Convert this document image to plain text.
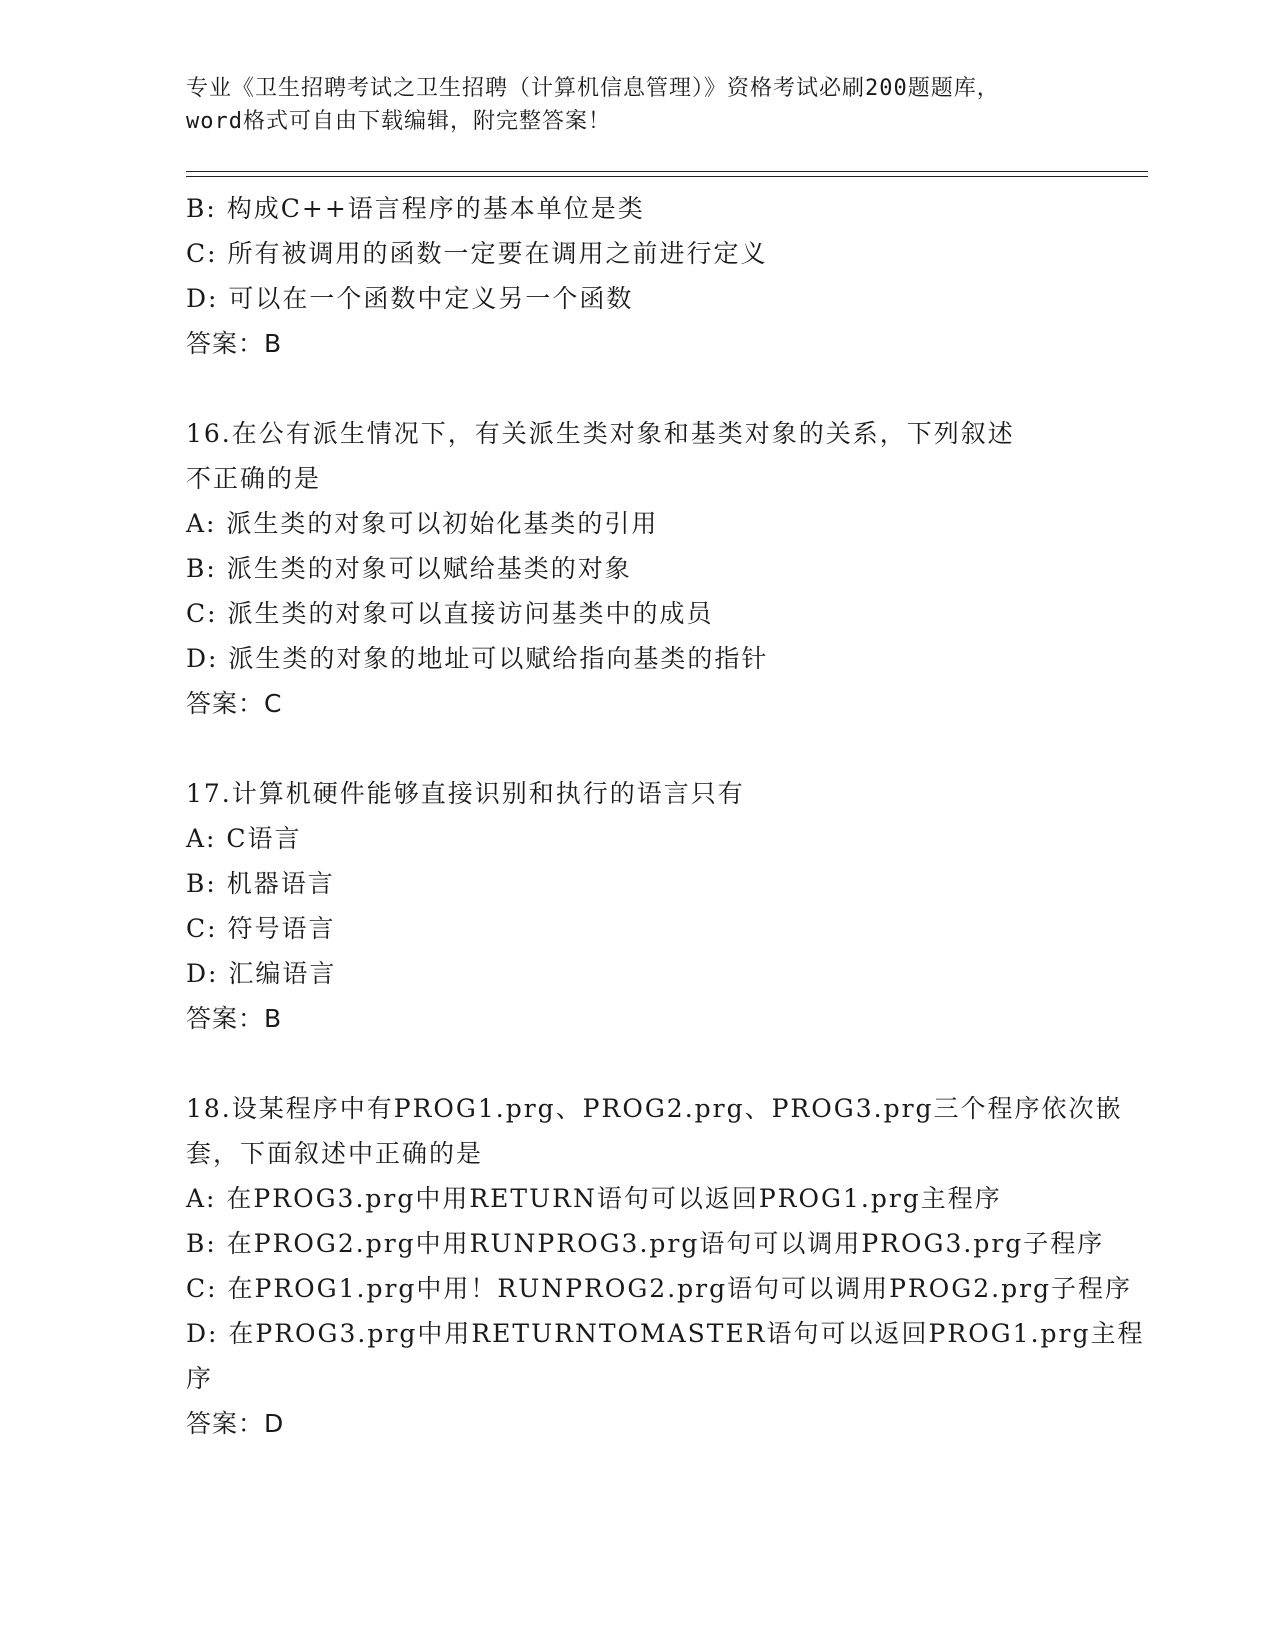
专业《卫生招聘考试之卫生招聘（计算机信息管理）》资格考试必刷200题题库，
word格式可自由下载编辑，附完整答案！
B: 构成C++语言程序的基本单位是类
C: 所有被调用的函数一定要在调用之前进行定义
D: 可以在一个函数中定义另一个函数
答案：B
16.在公有派生情况下，有关派生类对象和基类对象的关系，下列叙述
不正确的是
A: 派生类的对象可以初始化基类的引用
B: 派生类的对象可以赋给基类的对象
C: 派生类的对象可以直接访问基类中的成员
D: 派生类的对象的地址可以赋给指向基类的指针
答案：C
17.计算机硬件能够直接识别和执行的语言只有
A: C语言
B: 机器语言
C: 符号语言
D: 汇编语言
答案：B
18.设某程序中有PROG1.prg、PROG2.prg、PROG3.prg三个程序依次嵌
套，下面叙述中正确的是
A: 在PROG3.prg中用RETURN语句可以返回PROG1.prg主程序
B: 在PROG2.prg中用RUNPROG3.prg语句可以调用PROG3.prg子程序
C: 在PROG1.prg中用！RUNPROG2.prg语句可以调用PROG2.prg子程序
D: 在PROG3.prg中用RETURNTOMASTER语句可以返回PROG1.prg主程
序
答案：D
